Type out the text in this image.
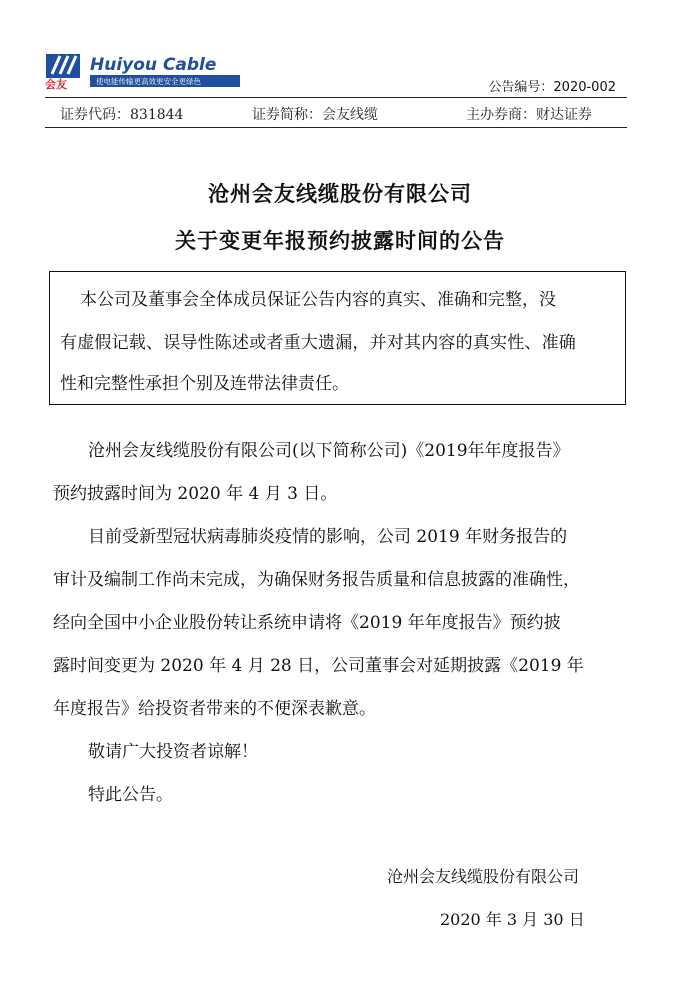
会友
Huiyou Cable
使电能传输更高效更安全更绿色	公告编号：2020-002
证券代码：831844	证券简称：会友线缆	主办券商：财达证券
沧州会友线缆股份有限公司
关于变更年报预约披露时间的公告
本公司及董事会全体成员保证公告内容的真实、准确和完整，没
有虚假记载、误导性陈述或者重大遗漏，并对其内容的真实性、准确
性和完整性承担个别及连带法律责任。
沧州会友线缆股份有限公司(以下简称公司)《2019年年度报告》
预约披露时间为 2020 年 4 月 3 日。
目前受新型冠状病毒肺炎疫情的影响，公司 2019 年财务报告的
审计及编制工作尚未完成，为确保财务报告质量和信息披露的准确性，
经向全国中小企业股份转让系统申请将《2019 年年度报告》预约披
露时间变更为 2020 年 4 月 28 日，公司董事会对延期披露《2019 年
年度报告》给投资者带来的不便深表歉意。
敬请广大投资者谅解！
特此公告。
沧州会友线缆股份有限公司
2020 年 3 月 30 日
